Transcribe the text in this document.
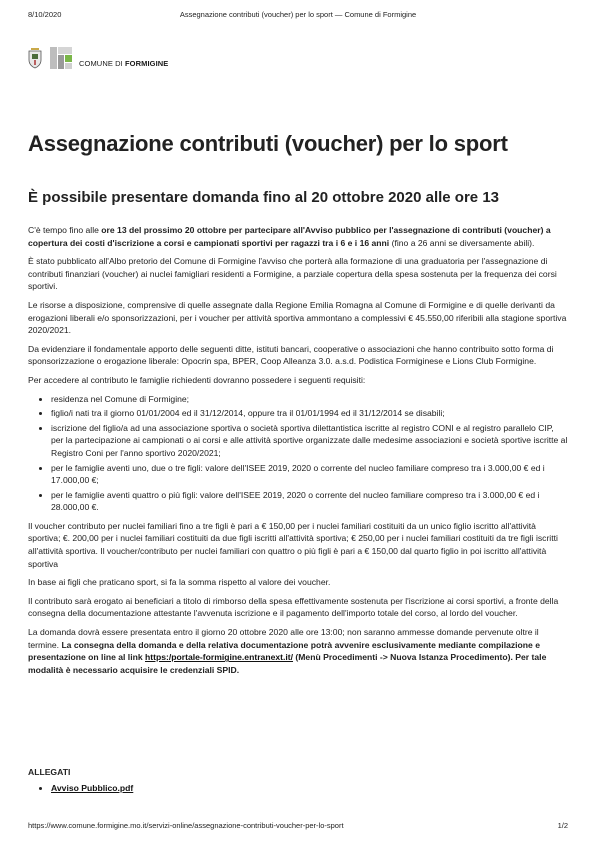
8/10/2020	Assegnazione contributi (voucher) per lo sport — Comune di Formigine
COMUNE DI FORMIGINE
Assegnazione contributi (voucher) per lo sport
È possibile presentare domanda fino al 20 ottobre 2020 alle ore 13

C'è tempo fino alle ore 13 del prossimo 20 ottobre per partecipare all'Avviso pubblico per l'assegnazione di contributi (voucher) a copertura dei costi d'iscrizione a corsi e campionati sportivi per ragazzi tra i 6 e i 16 anni (fino a 26 anni se diversamente abili).

È stato pubblicato all'Albo pretorio del Comune di Formigine l'avviso che porterà alla formazione di una graduatoria per l'assegnazione di contributi finanziari (voucher) ai nuclei famigliari residenti a Formigine, a parziale copertura della spesa sostenuta per la frequenza dei corsi sportivi.

Le risorse a disposizione, comprensive di quelle assegnate dalla Regione Emilia Romagna al Comune di Formigine e di quelle derivanti da erogazioni liberali e/o sponsorizzazioni, per i voucher per attività sportiva ammontano a complessivi € 45.550,00 riferibili alla stagione sportiva 2020/2021.

Da evidenziare il fondamentale apporto delle seguenti ditte, istituti bancari, cooperative o associazioni che hanno contribuito sotto forma di sponsorizzazione o erogazione liberale: Opocrin spa, BPER, Coop Alleanza 3.0. a.s.d. Podistica Formiginese e Lions Club Formigine.

Per accedere al contributo le famiglie richiedenti dovranno possedere i seguenti requisiti:

• residenza nel Comune di Formigine;
• figlio/i nati tra il giorno 01/01/2004 ed il 31/12/2014, oppure tra il 01/01/1994 ed il 31/12/2014 se disabili;
• iscrizione del figlio/a ad una associazione sportiva o società sportiva dilettantistica iscritte al registro CONI e al registro parallelo CIP, per la partecipazione ai campionati o ai corsi e alle attività sportive organizzate dalle medesime associazioni e società sportive iscritte al Registro Coni per l'anno sportivo 2020/2021;
• per le famiglie aventi uno, due o tre figli: valore dell'ISEE 2019, 2020 o corrente del nucleo familiare compreso tra i 3.000,00 € ed i 17.000,00 €;
• per le famiglie aventi quattro o più figli: valore dell'ISEE 2019, 2020 o corrente del nucleo familiare compreso tra i 3.000,00 € ed i 28.000,00 €.

Il voucher contributo per nuclei familiari fino a tre figli è pari a € 150,00 per i nuclei familiari costituiti da un unico figlio iscritto all'attività sportiva; €. 200,00 per i nuclei familiari costituiti da due figli iscritti all'attività sportiva; € 250,00 per i nuclei familiari costituiti da tre figli iscritti all'attività sportiva. Il voucher/contributo per nuclei familiari con quattro o più figli è pari a € 150,00 dal quarto figlio in poi iscritto all'attività sportiva

In base ai figli che praticano sport, si fa la somma rispetto al valore dei voucher.

Il contributo sarà erogato ai beneficiari a titolo di rimborso della spesa effettivamente sostenuta per l'iscrizione ai corsi sportivi, a fronte della consegna della documentazione attestante l'avvenuta iscrizione e il pagamento dell'importo totale del corso, al lordo del voucher.

La domanda dovrà essere presentata entro il giorno 20 ottobre 2020 alle ore 13:00; non saranno ammesse domande pervenute oltre il termine. La consegna della domanda e della relativa documentazione potrà avvenire esclusivamente mediante compilazione e presentazione on line al link https:/portale-formigine.entranext.it/ (Menù Procedimenti -> Nuova Istanza Procedimento). Per tale modalità è necessario acquisire le credenziali SPID.

ALLEGATI
• Avviso Pubblico.pdf
https://www.comune.formigine.mo.it/servizi-online/assegnazione-contributi-voucher-per-lo-sport	1/2
